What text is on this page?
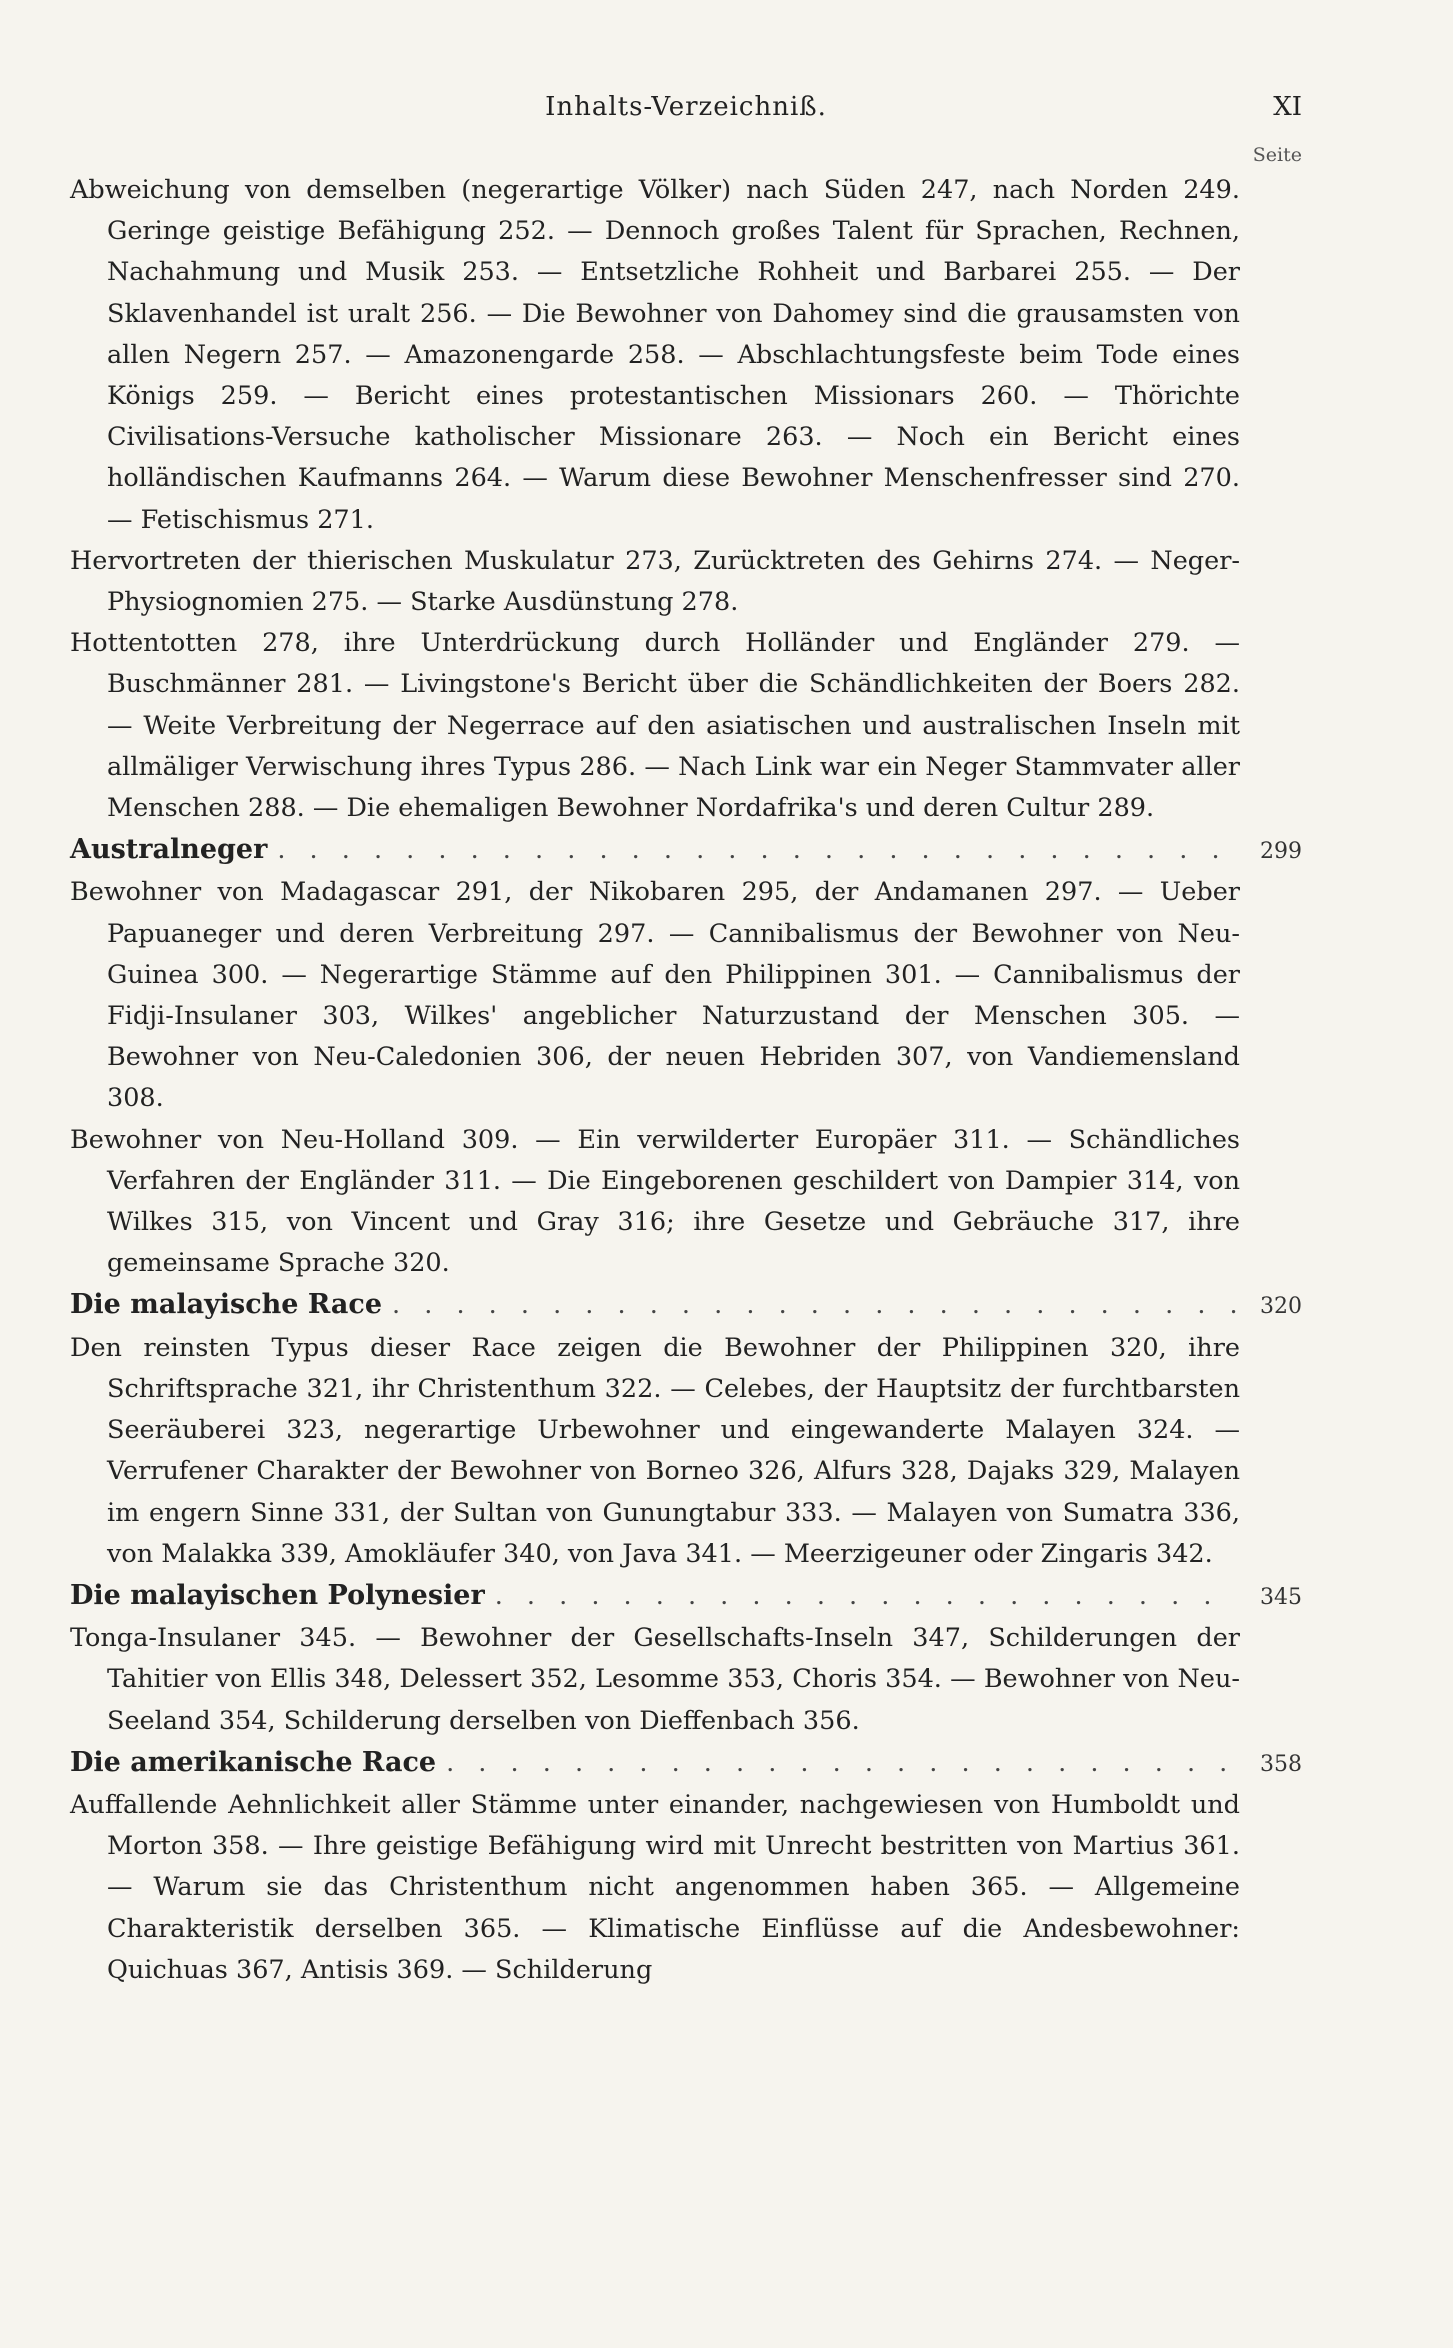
Inhalts-Verzeichniß.	XI
Seite

Abweichung von demselben (negerartige Völker) nach Süden 247, nach Norden 249. Geringe geistige Befähigung 252. — Dennoch großes Talent für Sprachen, Rechnen, Nachahmung und Musik 253. — Entsetzliche Rohheit und Barbarei 255. — Der Sklavenhandel ist uralt 256. — Die Bewohner von Dahomey sind die grausamsten von allen Negern 257. — Amazonengarde 258. — Abschlachtungsfeste beim Tode eines Königs 259. — Bericht eines protestantischen Missionars 260. — Thörichte Civilisations-Versuche katholischer Missionare 263. — Noch ein Bericht eines holländischen Kaufmanns 264. — Warum diese Bewohner Menschenfresser sind 270. — Fetischismus 271.

Hervortreten der thierischen Muskulatur 273, Zurücktreten des Gehirns 274. — Neger-Physiognomien 275. — Starke Ausdünstung 278.

Hottentotten 278, ihre Unterdrückung durch Holländer und Engländer 279. — Buschmänner 281. — Livingstone's Bericht über die Schändlichkeiten der Boers 282. — Weite Verbreitung der Negerrace auf den asiatischen und australischen Inseln mit allmäliger Verwischung ihres Typus 286. — Nach Link war ein Neger Stammvater aller Menschen 288. — Die ehemaligen Bewohner Nordafrika's und deren Cultur 289.

Australneger . . .	299

Bewohner von Madagascar 291, der Nikobaren 295, der Andamanen 297. — Ueber Papuaneger und deren Verbreitung 297. — Cannibalismus der Bewohner von Neu-Guinea 300. — Negerartige Stämme auf den Philippinen 301. — Cannibalismus der Fidji-Insulaner 303, Wilkes' angeblicher Naturzustand der Menschen 305. — Bewohner von Neu-Caledonien 306, der neuen Hebriden 307, von Vandiemensland 308.

Bewohner von Neu-Holland 309. — Ein verwilderter Europäer 311. — Schändliches Verfahren der Engländer 311. — Die Eingeborenen geschildert von Dampier 314, von Wilkes 315, von Vincent und Gray 316; ihre Gesetze und Gebräuche 317, ihre gemeinsame Sprache 320.

Die malayische Race . . .	320

Den reinsten Typus dieser Race zeigen die Bewohner der Philippinen 320, ihre Schriftsprache 321, ihr Christenthum 322. — Celebes, der Hauptsitz der furchtbarsten Seeräuberei 323, negerartige Urbewohner und eingewanderte Malayen 324. — Verrufener Charakter der Bewohner von Borneo 326, Alfurs 328, Dajaks 329, Malayen im engern Sinne 331, der Sultan von Gunungtabur 333. — Malayen von Sumatra 336, von Malakka 339, Amokläufer 340, von Java 341. — Meerzigeuner oder Zingaris 342.

Die malayischen Polynesier . . .	345

Tonga-Insulaner 345. — Bewohner der Gesellschafts-Inseln 347, Schilderungen der Tahitier von Ellis 348, Delessert 352, Lesomme 353, Choris 354. — Bewohner von Neu-Seeland 354, Schilderung derselben von Dieffenbach 356.

Die amerikanische Race . . .	358

Auffallende Aehnlichkeit aller Stämme unter einander, nachgewiesen von Humboldt und Morton 358. — Ihre geistige Befähigung wird mit Unrecht bestritten von Martius 361. — Warum sie das Christenthum nicht angenommen haben 365. — Allgemeine Charakteristik derselben 365. — Klimatische Einflüsse auf die Andesbewohner: Quichuas 367, Antisis 369. — Schilderung
